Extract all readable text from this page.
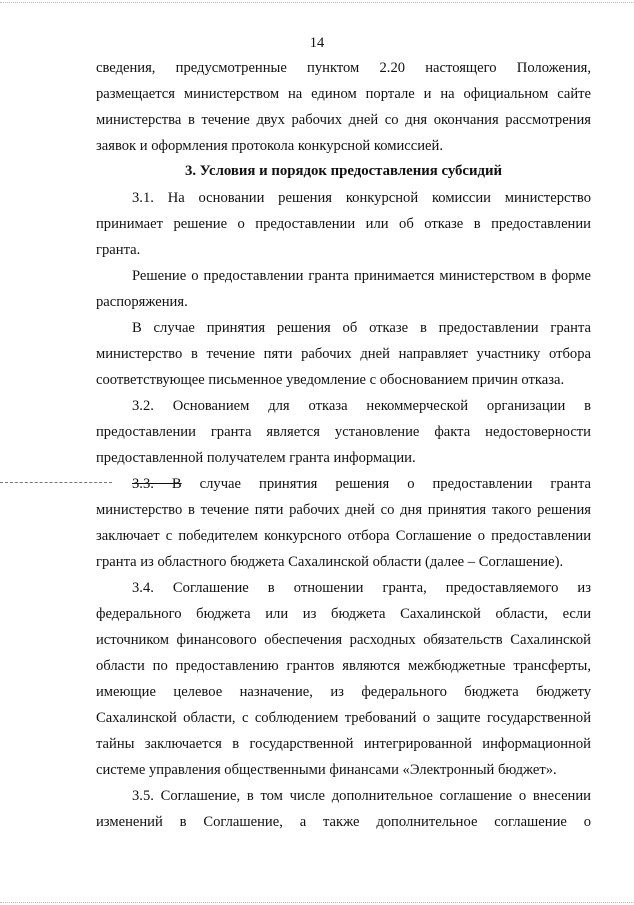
14
сведения, предусмотренные пунктом 2.20 настоящего Положения,
размещается министерством на едином портале и на официальном сайте
министерства в течение двух рабочих дней со дня окончания рассмотрения
заявок и оформления протокола конкурсной комиссией.
3. Условия и порядок предоставления субсидий
3.1. На основании решения конкурсной комиссии министерство
принимает решение о предоставлении или об отказе в предоставлении
гранта.
Решение о предоставлении гранта принимается министерством в форме
распоряжения.
В случае принятия решения об отказе в предоставлении гранта
министерство в течение пяти рабочих дней направляет участнику отбора
соответствующее письменное уведомление с обоснованием причин отказа.
3.2. Основанием для отказа некоммерческой организации в
предоставлении гранта является установление факта недостоверности
предоставленной получателем гранта информации.
3.3. В случае принятия решения о предоставлении гранта
министерство в течение пяти рабочих дней со дня принятия такого решения
заключает с победителем конкурсного отбора Соглашение о предоставлении
гранта из областного бюджета Сахалинской области (далее – Соглашение).
3.4. Соглашение в отношении гранта, предоставляемого из
федерального бюджета или из бюджета Сахалинской области, если
источником финансового обеспечения расходных обязательств Сахалинской
области по предоставлению грантов являются межбюджетные трансферты,
имеющие целевое назначение, из федерального бюджета бюджету
Сахалинской области, с соблюдением требований о защите государственной
тайны заключается в государственной интегрированной информационной
системе управления общественными финансами «Электронный бюджет».
3.5. Соглашение, в том числе дополнительное соглашение о внесении
изменений в Соглашение, а также дополнительное соглашение о
